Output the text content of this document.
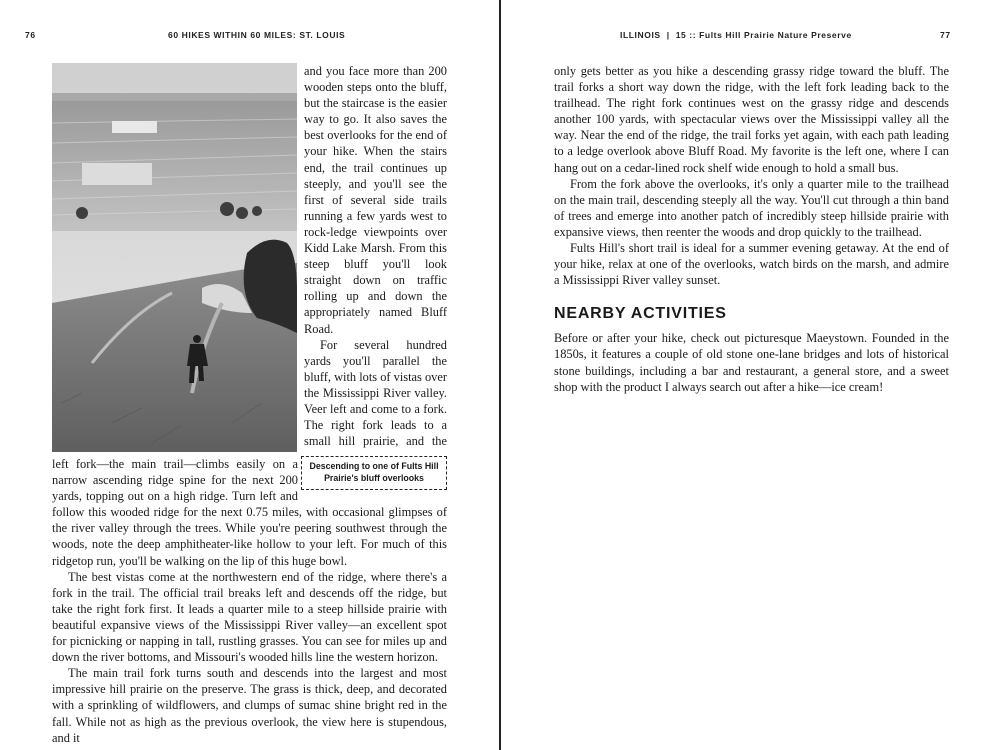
76	60 HIKES WITHIN 60 MILES: ST. LOUIS
Descending to one of Fults Hill Prairie's bluff overlooks

and you face more than 200 wooden steps onto the bluff, but the staircase is the easier way to go. It also saves the best overlooks for the end of your hike. When the stairs end, the trail continues up steeply, and you'll see the first of several side trails running a few yards west to rock-ledge viewpoints over Kidd Lake Marsh. From this steep bluff you'll look straight down on traffic rolling up and down the appropriately named Bluff Road.

For several hundred yards you'll parallel the bluff, with lots of vistas over the Mississippi River valley. Veer left and come to a fork. The right fork leads to a small hill prairie, and the left fork—the main trail—climbs easily on a narrow ascending ridge spine for the next 200 yards, topping out on a high ridge. Turn left and follow this wooded ridge for the next 0.75 miles, with occasional glimpses of the river valley through the trees. While you're peering southwest through the woods, note the deep amphitheater-like hollow to your left. For much of this ridgetop run, you'll be walking on the lip of this huge bowl.

The best vistas come at the northwestern end of the ridge, where there's a fork in the trail. The official trail breaks left and descends off the ridge, but take the right fork first. It leads a quarter mile to a steep hillside prairie with beautiful expansive views of the Mississippi River valley—an excellent spot for picnicking or napping in tall, rustling grasses. You can see for miles up and down the river bottoms, and Missouri's wooded hills line the western horizon.

The main trail fork turns south and descends into the largest and most impressive hill prairie on the preserve. The grass is thick, deep, and decorated with a sprinkling of wildflowers, and clumps of sumac shine bright red in the fall. While not as high as the previous overlook, the view here is stupendous, and it

ILLINOIS | 15 :: Fults Hill Prairie Nature Preserve	77

only gets better as you hike a descending grassy ridge toward the bluff. The trail forks a short way down the ridge, with the left fork leading back to the trailhead. The right fork continues west on the grassy ridge and descends another 100 yards, with spectacular views over the Mississippi valley all the way. Near the end of the ridge, the trail forks yet again, with each path leading to a ledge overlook above Bluff Road. My favorite is the left one, where I can hang out on a cedar-lined rock shelf wide enough to hold a small bus.

From the fork above the overlooks, it's only a quarter mile to the trailhead on the main trail, descending steeply all the way. You'll cut through a thin band of trees and emerge into another patch of incredibly steep hillside prairie with expansive views, then reenter the woods and drop quickly to the trailhead.

Fults Hill's short trail is ideal for a summer evening getaway. At the end of your hike, relax at one of the overlooks, watch birds on the marsh, and admire a Mississippi River valley sunset.

NEARBY ACTIVITIES

Before or after your hike, check out picturesque Maeystown. Founded in the 1850s, it features a couple of old stone one-lane bridges and lots of historical stone buildings, including a bar and restaurant, a general store, and a sweet shop with the product I always search out after a hike—ice cream!
